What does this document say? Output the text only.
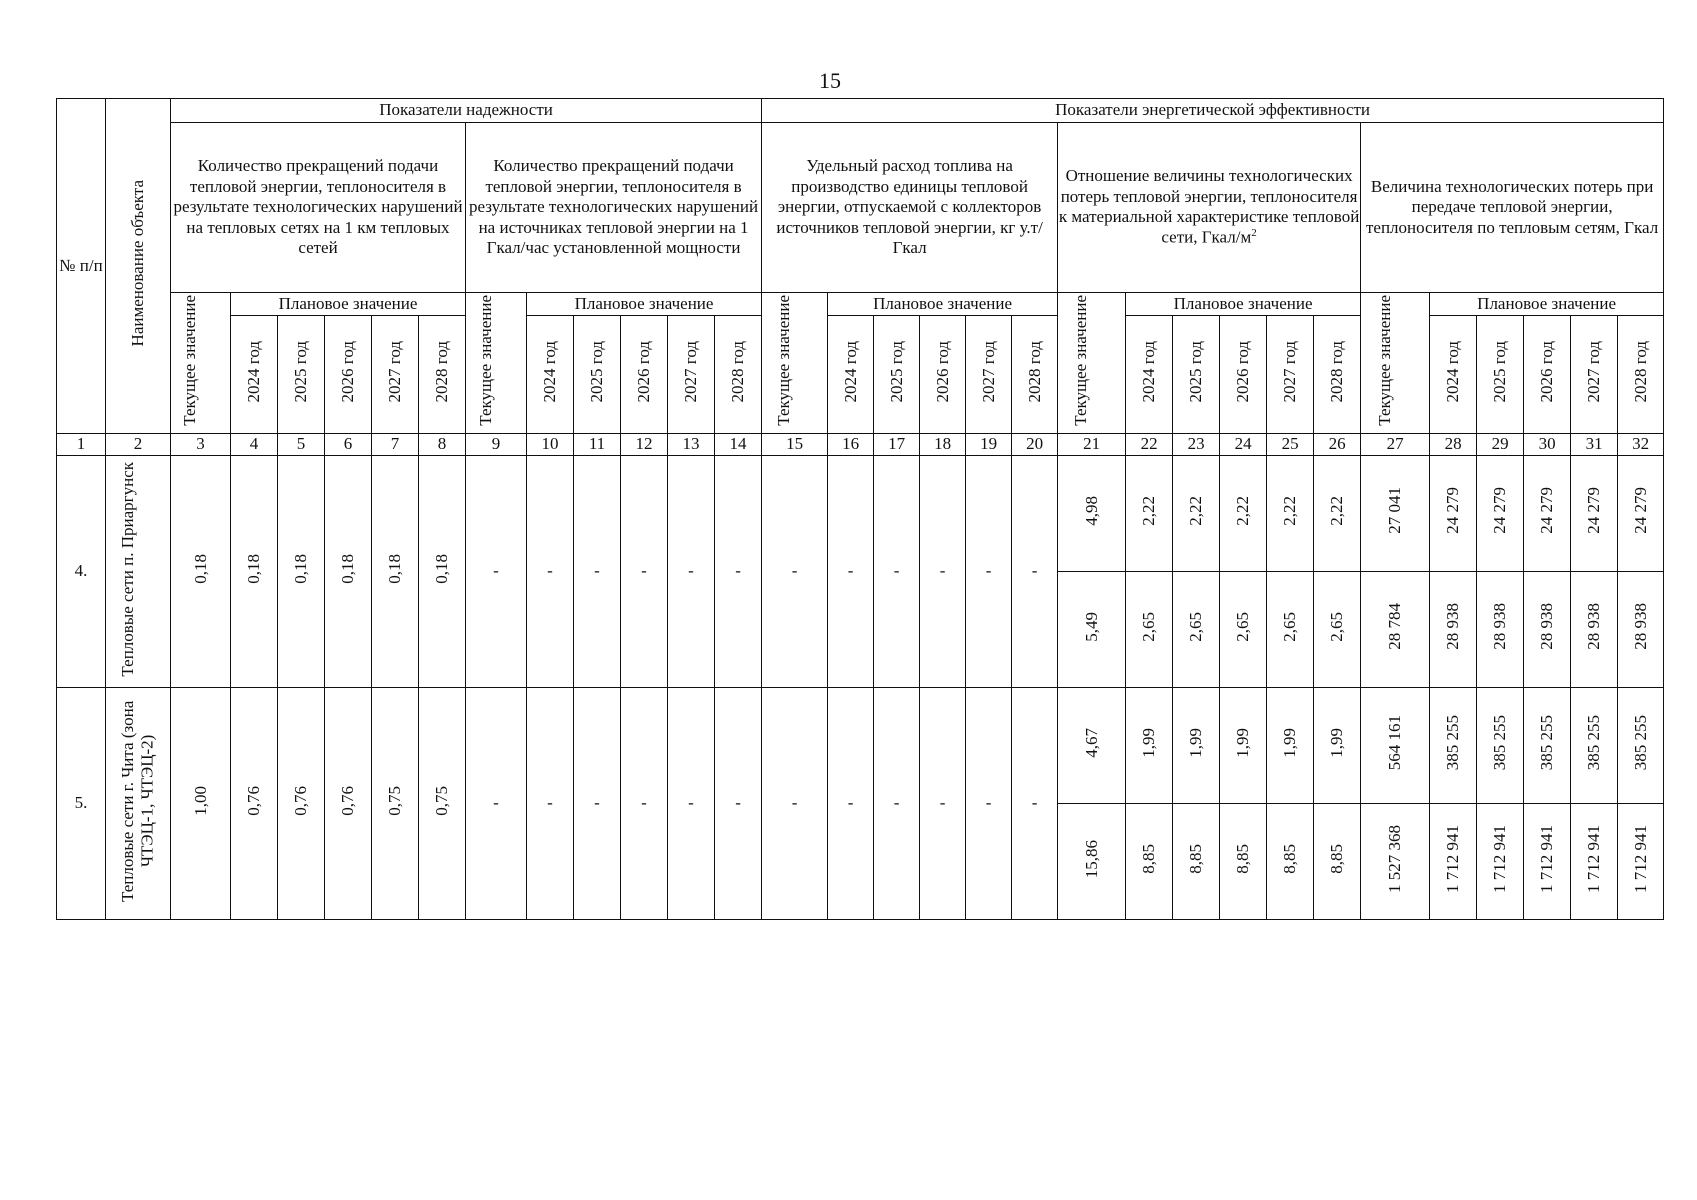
15
№ п/п	Наименование объекта	Показатели надежности												Показатели энергетической эффективности																	
		Количество прекращений подачи тепловой энергии, теплоносителя в результате технологических нарушений на тепловых сетях на 1 км тепловых сетей						Количество прекращений подачи тепловой энергии, теплоносителя в результате технологических нарушений на источниках тепловой энергии на 1 Гкал/час установленной мощности						Удельный расход топлива на производство единицы тепловой энергии, отпускаемой с коллекторов источников тепловой энергии, кг у.т/Гкал						Отношение величины технологических потерь тепловой энергии, теплоносителя к материальной характеристике тепловой сети, Гкал/$м^2$						Величина технологических потерь при передаче тепловой энергии, теплоносителя по тепловым сетям, Гкал					
		Текущее значение	Плановое значение					Текущее значение	Плановое значение					Текущее значение	Плановое значение					Текущее значение	Плановое значение					Текущее значение	Плановое значение				
			2024 год	2025 год	2026 год	2027 год	2028 год		2024 год	2025 год	2026 год	2027 год	2028 год		2024 год	2025 год	2026 год	2027 год	2028 год		2024 год	2025 год	2026 год	2027 год	2028 год		2024 год	2025 год	2026 год	2027 год	2028 год
1	2	3	4	5	6	7	8	9	10	11	12	13	14	15	16	17	18	19	20	21	22	23	24	25	26	27	28	29	30	31	32
4.	Тепловые сети п. Приаргунск	0,18	0,18	0,18	0,18	0,18	0,18	-	-	-	-	-	-	-	-	-	-	-	-	4,98	2,22	2,22	2,22	2,22	2,22	27 041	24 279	24 279	24 279	24 279	24 279
																				5,49	2,65	2,65	2,65	2,65	2,65	28 784	28 938	28 938	28 938	28 938	28 938
5.	Тепловые сети г. Чита (зона ЧТЭЦ-1, ЧТЭЦ-2)	1,00	0,76	0,76	0,76	0,75	0,75	-	-	-	-	-	-	-	-	-	-	-	-	4,67	1,99	1,99	1,99	1,99	1,99	564 161	385 255	385 255	385 255	385 255	385 255
																				15,86	8,85	8,85	8,85	8,85	8,85	1 527 368	1 712 941	1 712 941	1 712 941	1 712 941	1 712 941
